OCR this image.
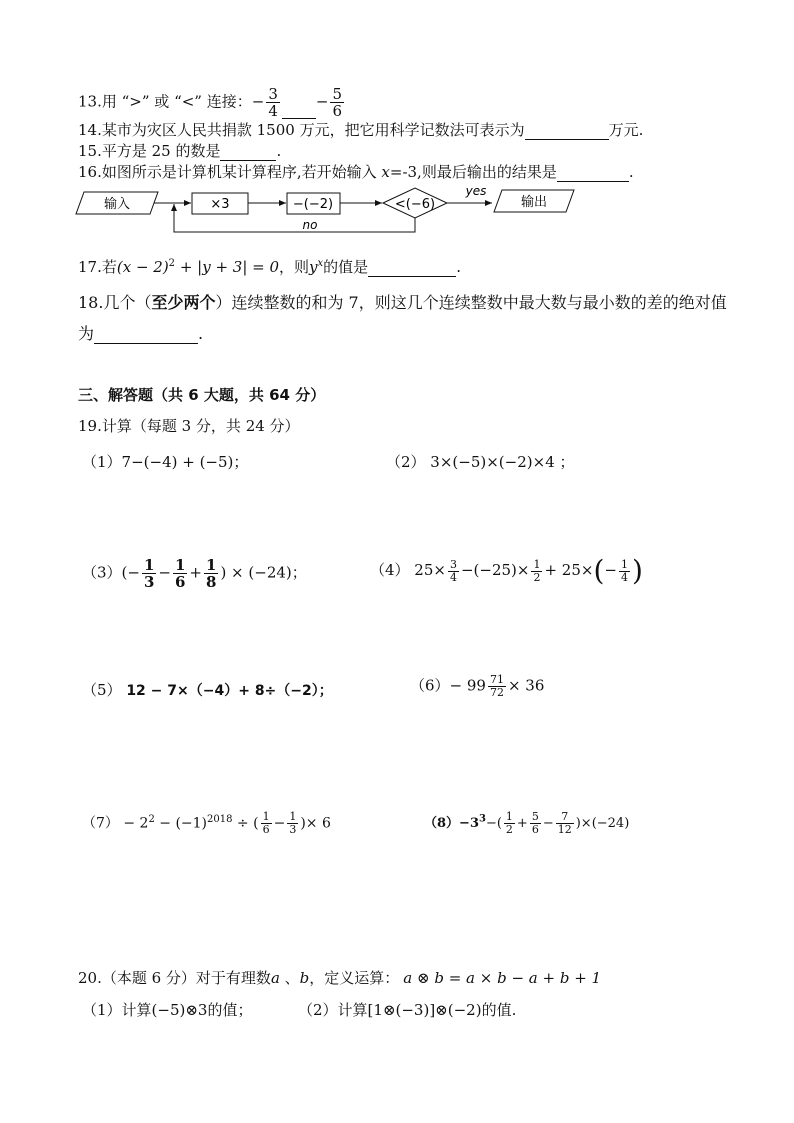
13.用 “>” 或 “<” 连接：− $\frac{3}{4} - \frac{5}{6}$
14.某市为灾区人民共捐款 1500 万元，把它用科学记数法可表示为	万元.
15.平方是 25 的数是	.
16.如图所示是计算机某计算程序,若开始输入 x=-3,则最后输出的结果是	.
输入	×3	−(−2)	<(−6)
yes
输出
no
17.若$(x - 2)^2 + |y + 3| = 0$，则$y^x$的值是	.
18.几个（至少两个）连续整数的和为 7，则这几个连续整数中最大数与最小数的差的绝对值
为	.
三、解答题（共 6 大题，共 64 分）
19.计算（每题 3 分，共 24 分）
（1）7−(−4) + (−5)；	（2） 3×(−5)×(−2)×4 ；
$(3)(- \frac{1}{3} - \frac{1}{6} + \frac{1}{8}$ ) × (−24)；	（4） $25\times \frac{3}{4} -(-25)\times \frac{1}{2} + 25\times(- \frac{1}{4}$ )
（5） 12 − 7×（−4）+ 8÷（−2）；	$(6)- 99 \frac{71}{72} \times 36$
$(7) - 2^2 - (-1)^{2018}$ ÷ ( $\frac{1}{6} - \frac{1}{3}$ )× 6	$(8)-3^3-( \frac{1}{2} + \frac{5}{6} - \frac{7}{12} )\times(-24)$
20.（本题 6 分）对于有理数a 、b，定义运算： a ⊗ b = a × b − a + b + 1
（1）计算(−5)⊗3的值；	（2）计算[1⊗(−3)]⊗(−2)的值.
